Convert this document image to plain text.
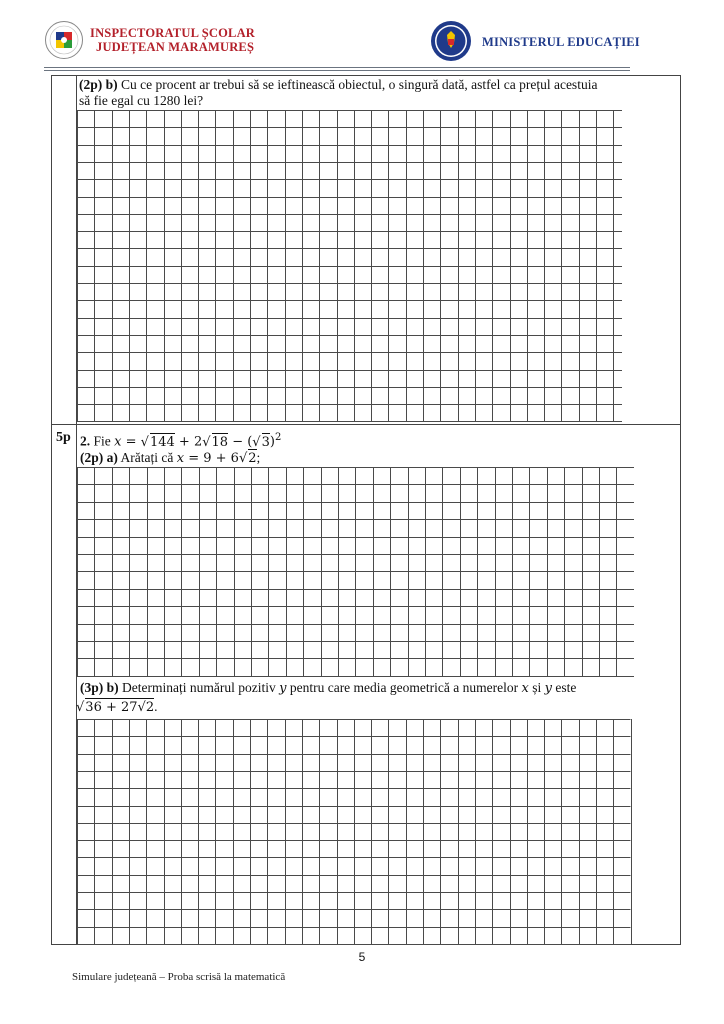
INSPECTORATUL ȘCOLAR
JUDEȚEAN MARAMUREȘ	MINISTERUL EDUCAȚIEI
(2p) b) Cu ce procent ar trebui să se ieftinească obiectul, o singură dată, astfel ca prețul acestuia
să fie egal cu 1280 lei?
5p 2. Fie $x = √144 + 2√18 - (√3)^2$
(2p) a) Arătați că x = 9 + 6√2;
(3p) b) Determinați numărul pozitiv y pentru care media geometrică a numerelor x și y este
√36 + 27√2.
5
Simulare județeană – Proba scrisă la matematică
